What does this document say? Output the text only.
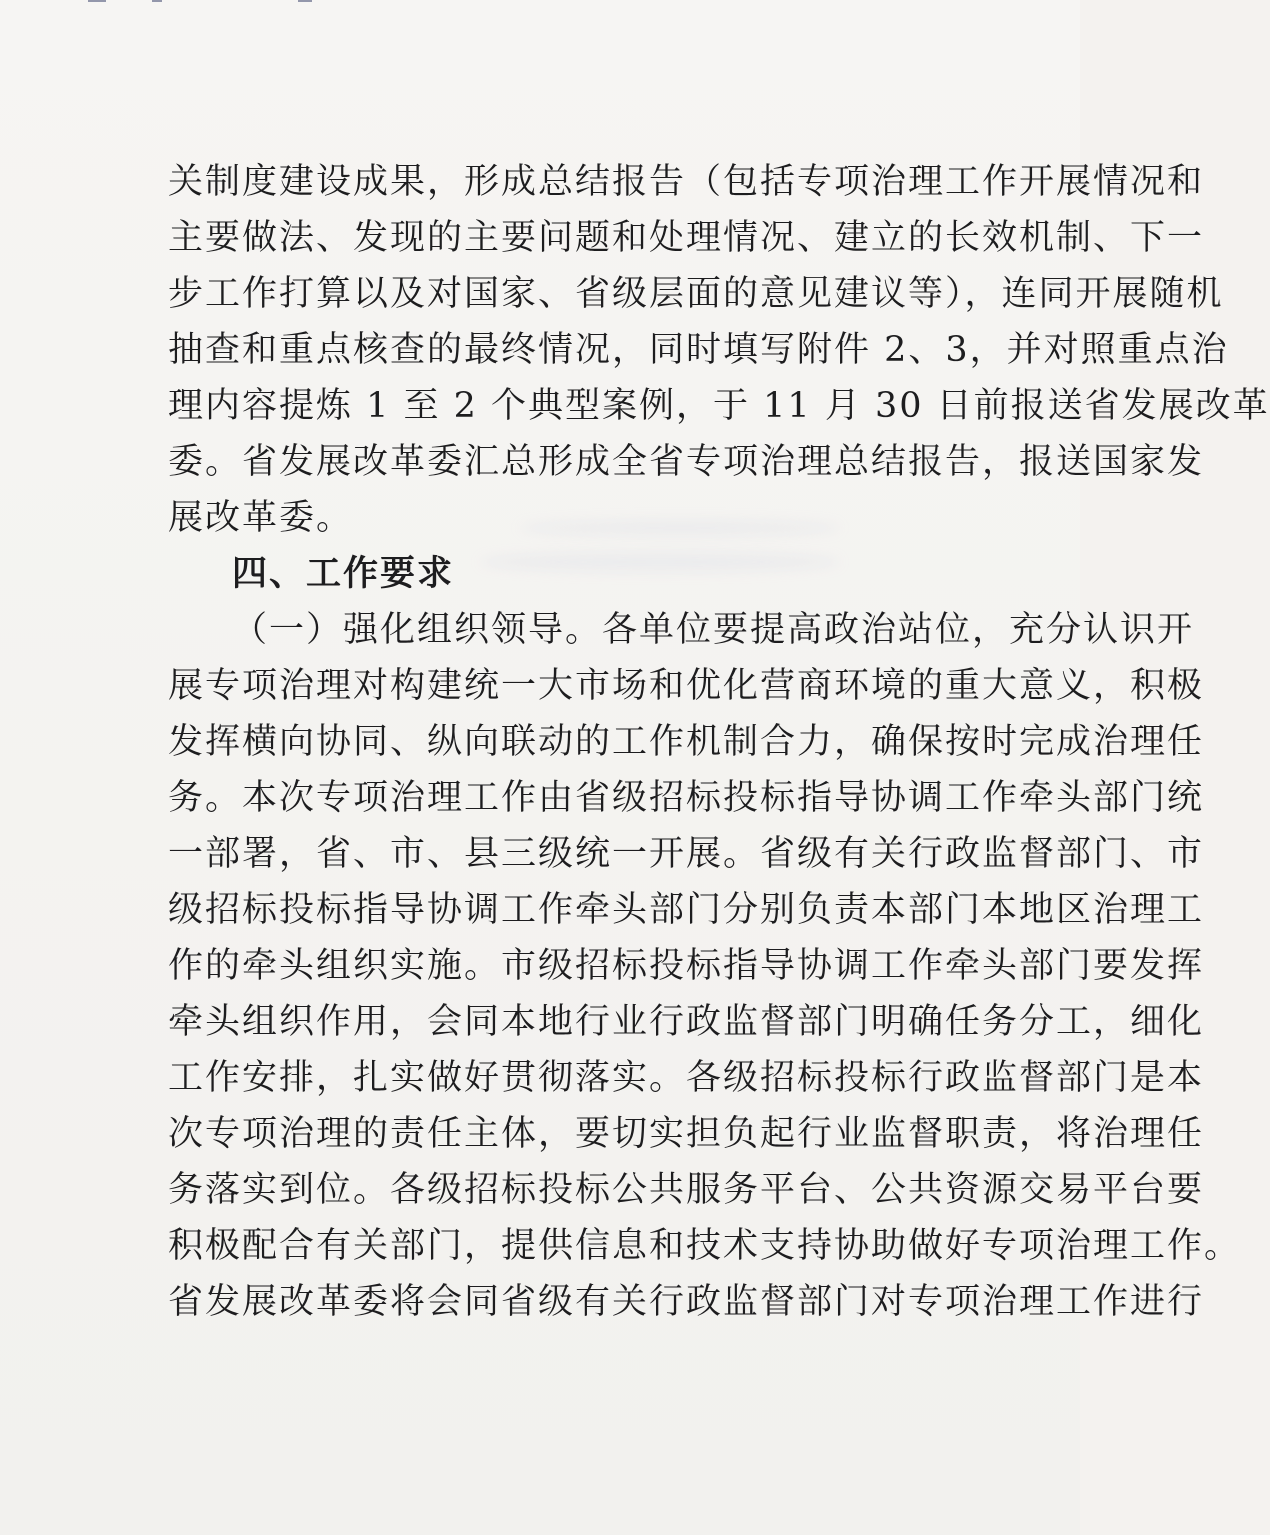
关制度建设成果，形成总结报告（包括专项治理工作开展情况和
主要做法、发现的主要问题和处理情况、建立的长效机制、下一
步工作打算以及对国家、省级层面的意见建议等），连同开展随机
抽查和重点核查的最终情况，同时填写附件 2、3，并对照重点治
理内容提炼 1 至 2 个典型案例，于 11 月 30 日前报送省发展改革
委。省发展改革委汇总形成全省专项治理总结报告，报送国家发
展改革委。
四、工作要求
（一）强化组织领导。各单位要提高政治站位，充分认识开
展专项治理对构建统一大市场和优化营商环境的重大意义，积极
发挥横向协同、纵向联动的工作机制合力，确保按时完成治理任
务。本次专项治理工作由省级招标投标指导协调工作牵头部门统
一部署，省、市、县三级统一开展。省级有关行政监督部门、市
级招标投标指导协调工作牵头部门分别负责本部门本地区治理工
作的牵头组织实施。市级招标投标指导协调工作牵头部门要发挥
牵头组织作用，会同本地行业行政监督部门明确任务分工，细化
工作安排，扎实做好贯彻落实。各级招标投标行政监督部门是本
次专项治理的责任主体，要切实担负起行业监督职责，将治理任
务落实到位。各级招标投标公共服务平台、公共资源交易平台要
积极配合有关部门，提供信息和技术支持协助做好专项治理工作。
省发展改革委将会同省级有关行政监督部门对专项治理工作进行
